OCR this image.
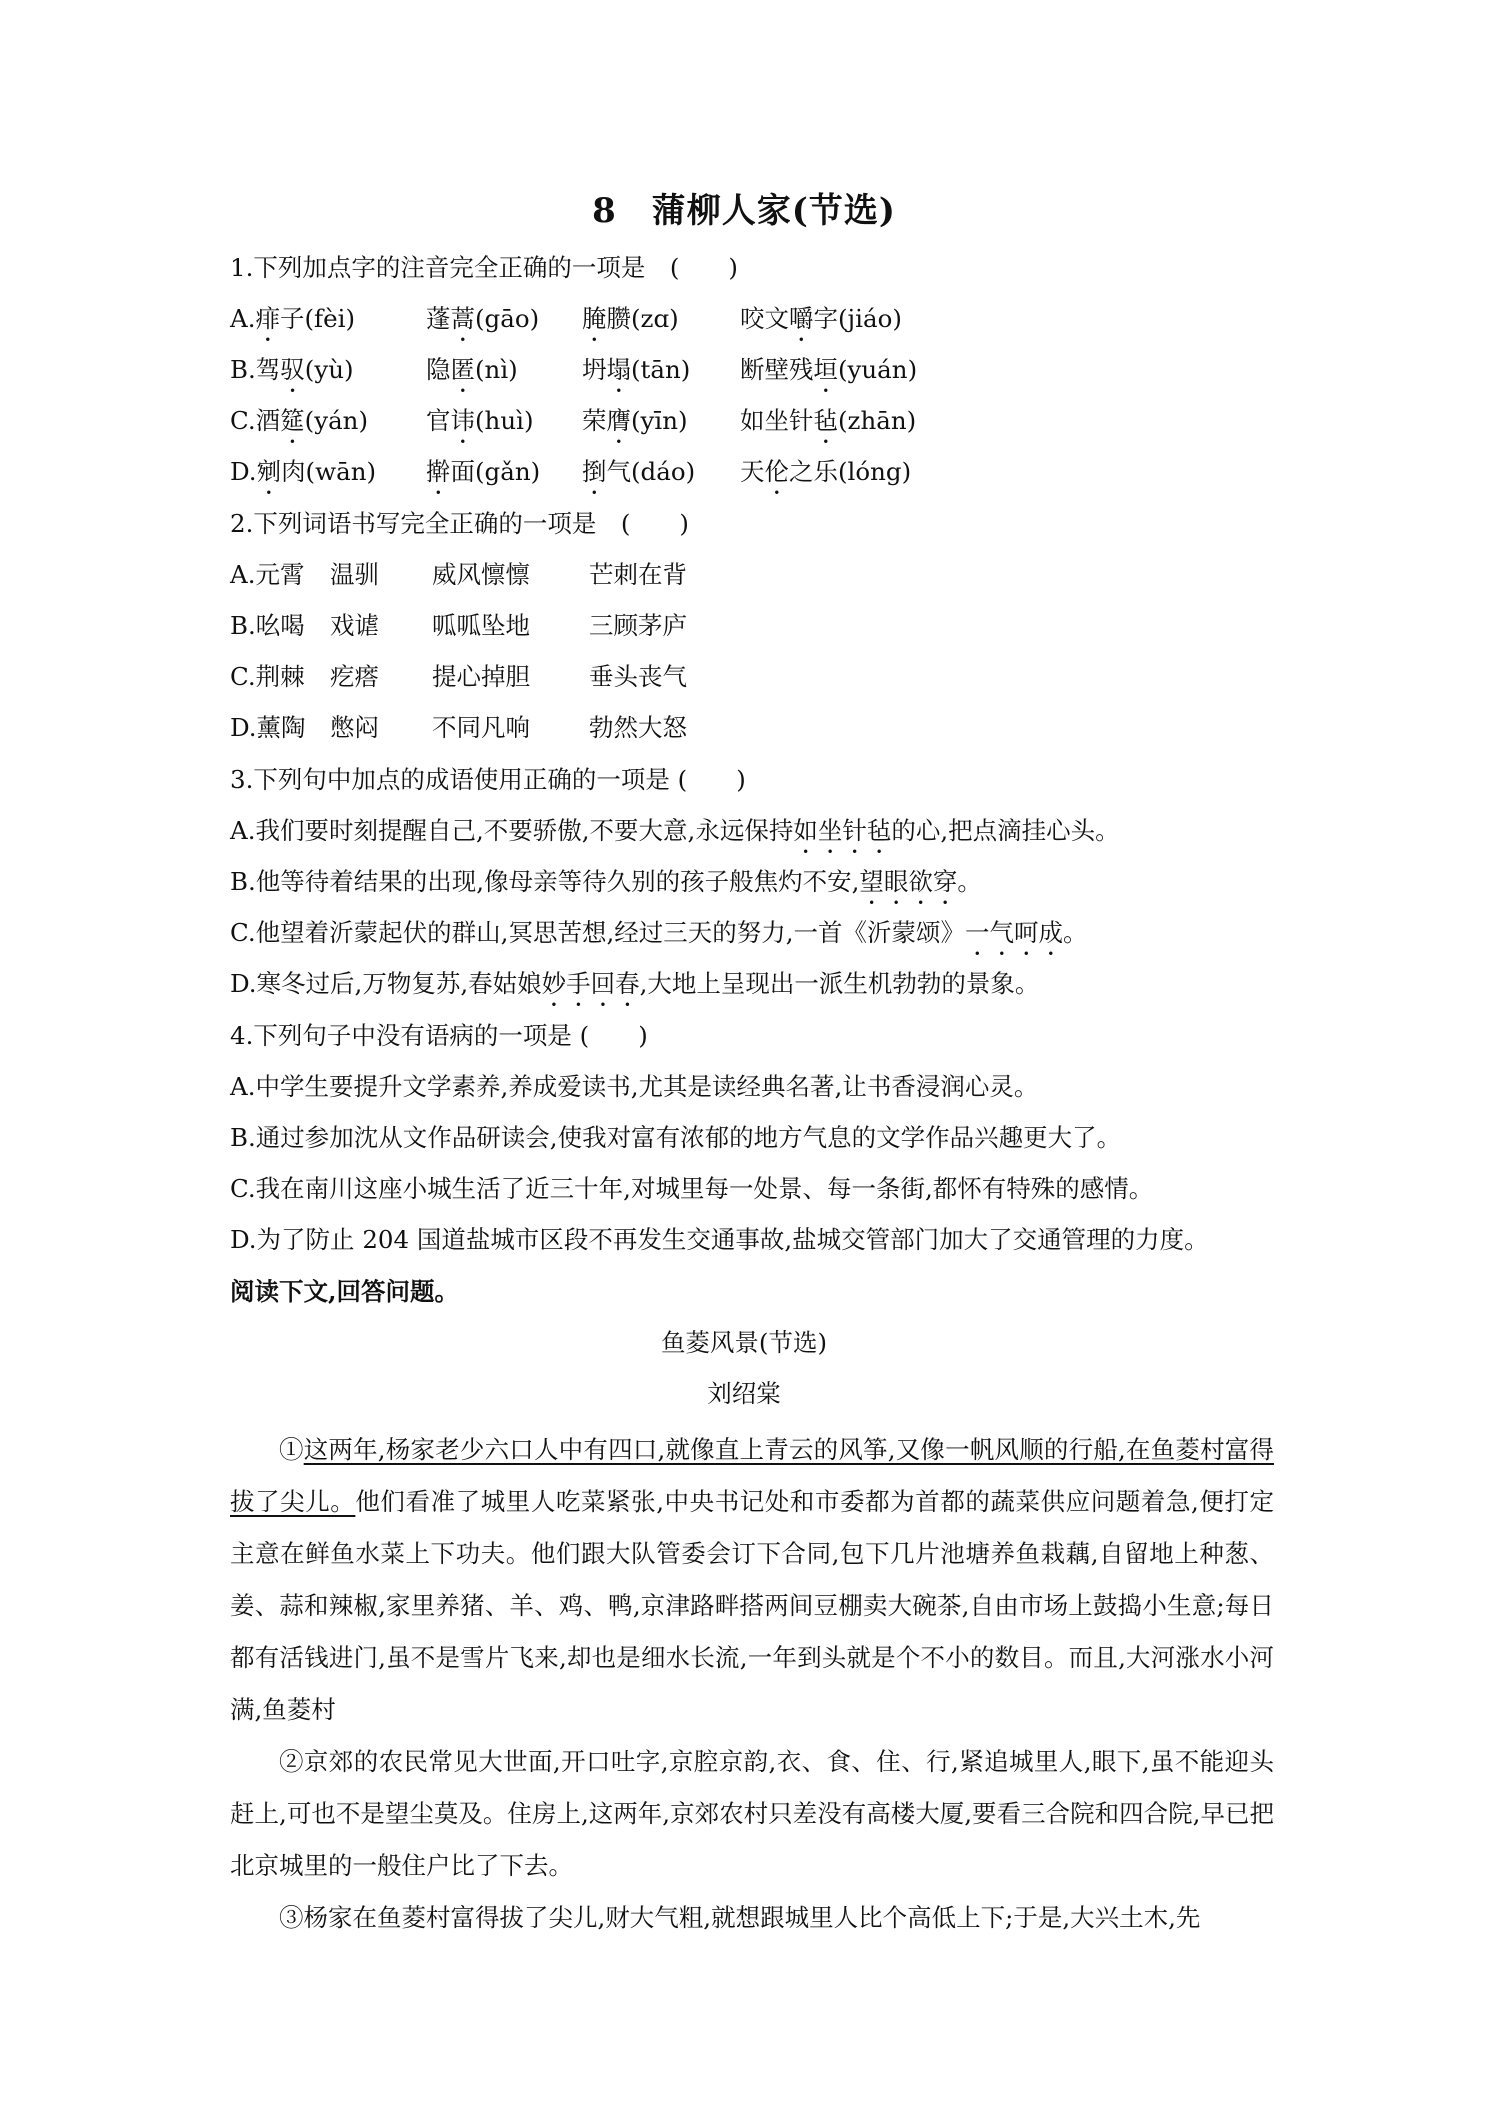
8　蒲柳人家(节选)
1.下列加点字的注音完全正确的一项是　(　　)
A.痱子(fèi)	蓬蒿(gāo) 腌臜(zɑ)	咬文嚼字(jiáo)
B.驾驭(yù)	隐匿(nì)	坍塌(tān) 断壁残垣(yuán)
C.酒筵(yán) 官讳(huì) 荣膺(yīn) 如坐针毡(zhān)
D.剜肉(wān) 擀面(gǎn) 捯气(dáo) 天伦之乐(lóng)
2.下列词语书写完全正确的一项是　(　　)
A.元霄 温驯 威风懔懔 芒刺在背
B.吆喝 戏谑 呱呱坠地 三顾茅庐
C.荆棘 疙瘩 提心掉胆 垂头丧气
D.薰陶 憋闷 不同凡响 勃然大怒
3.下列句中加点的成语使用正确的一项是 (　　)
A.我们要时刻提醒自己,不要骄傲,不要大意,永远保持如坐针毡的心,把点滴挂心头。
B.他等待着结果的出现,像母亲等待久别的孩子般焦灼不安,望眼欲穿。
C.他望着沂蒙起伏的群山,冥思苦想,经过三天的努力,一首《沂蒙颂》一气呵成。
D.寒冬过后,万物复苏,春姑娘妙手回春,大地上呈现出一派生机勃勃的景象。
4.下列句子中没有语病的一项是 (　　)
A.中学生要提升文学素养,养成爱读书,尤其是读经典名著,让书香浸润心灵。
B.通过参加沈从文作品研读会,使我对富有浓郁的地方气息的文学作品兴趣更大了。
C.我在南川这座小城生活了近三十年,对城里每一处景、每一条街,都怀有特殊的感情。
D.为了防止 204 国道盐城市区段不再发生交通事故,盐城交管部门加大了交通管理的力度。
阅读下文,回答问题。
鱼菱风景(节选)
刘绍棠
①这两年,杨家老少六口人中有四口,就像直上青云的风筝,又像一帆风顺的行船,在鱼菱村富得拔了尖儿。他们看准了城里人吃菜紧张,中央书记处和市委都为首都的蔬菜供应问题着急,便打定主意在鲜鱼水菜上下功夫。他们跟大队管委会订下合同,包下几片池塘养鱼栽藕,自留地上种葱、姜、蒜和辣椒,家里养猪、羊、鸡、鸭,京津路畔搭两间豆棚卖大碗茶,自由市场上鼓捣小生意;每日都有活钱进门,虽不是雪片飞来,却也是细水长流,一年到头就是个不小的数目。而且,大河涨水小河满,鱼菱村
②京郊的农民常见大世面,开口吐字,京腔京韵,衣、食、住、行,紧追城里人,眼下,虽不能迎头赶上,可也不是望尘莫及。住房上,这两年,京郊农村只差没有高楼大厦,要看三合院和四合院,早已把北京城里的一般住户比了下去。
③杨家在鱼菱村富得拔了尖儿,财大气粗,就想跟城里人比个高低上下;于是,大兴土木,先
